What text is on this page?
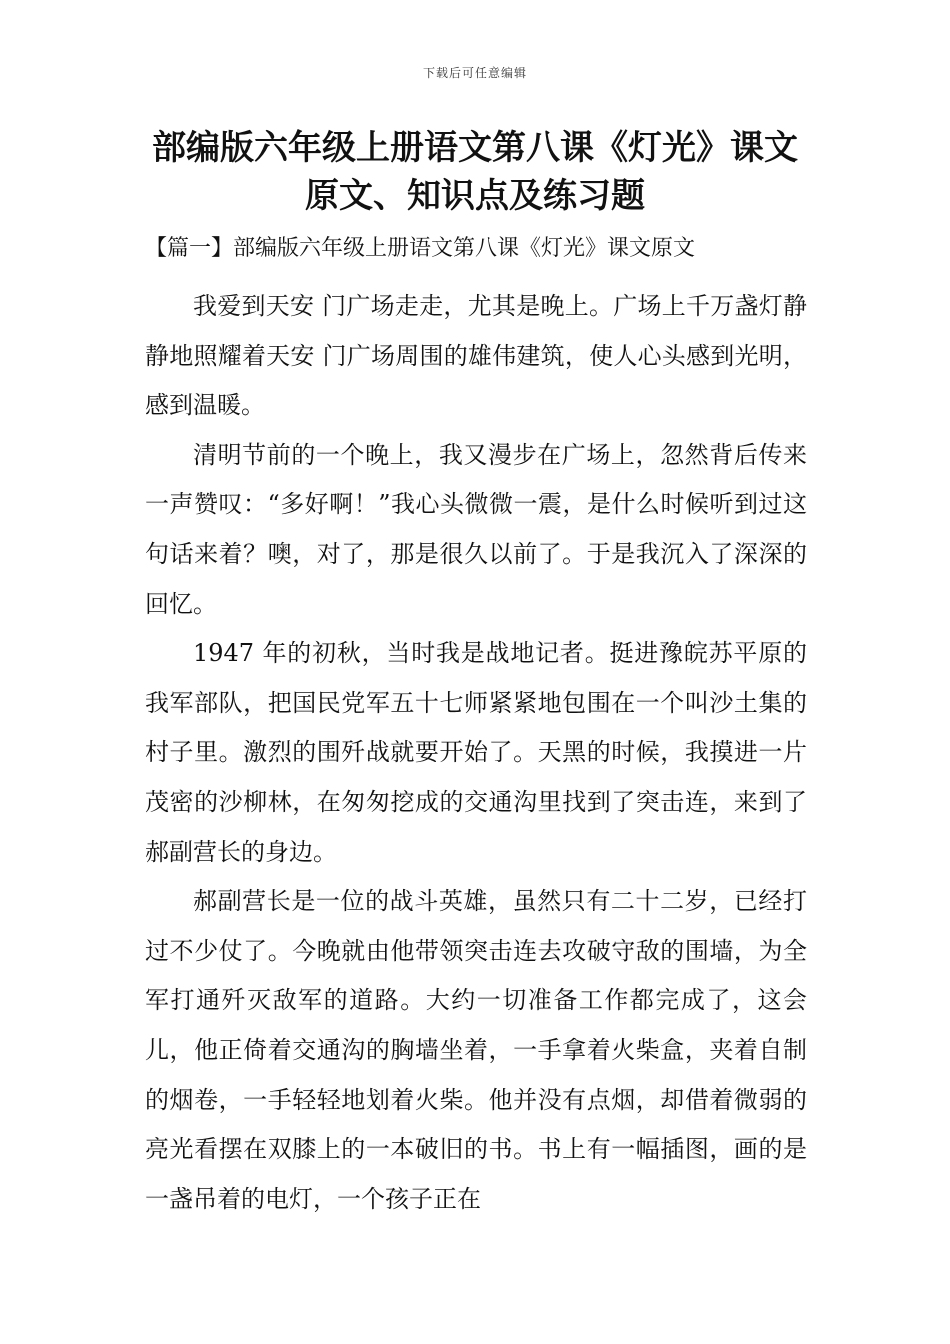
下载后可任意编辑
部编版六年级上册语文第八课《灯光》课文原文、知识点及练习题
【篇一】部编版六年级上册语文第八课《灯光》课文原文

我爱到天安 门广场走走，尤其是晚上。广场上千万盏灯静静地照耀着天安 门广场周围的雄伟建筑，使人心头感到光明，感到温暖。

清明节前的一个晚上，我又漫步在广场上，忽然背后传来一声赞叹：“多好啊！”我心头微微一震，是什么时候听到过这句话来着？噢，对了，那是很久以前了。于是我沉入了深深的回忆。

1947 年的初秋，当时我是战地记者。挺进豫皖苏平原的我军部队，把国民党军五十七师紧紧地包围在一个叫沙土集的村子里。激烈的围歼战就要开始了。天黑的时候，我摸进一片茂密的沙柳林，在匆匆挖成的交通沟里找到了突击连，来到了郝副营长的身边。

郝副营长是一位的战斗英雄，虽然只有二十二岁，已经打过不少仗了。今晚就由他带领突击连去攻破守敌的围墙，为全军打通歼灭敌军的道路。大约一切准备工作都完成了，这会儿，他正倚着交通沟的胸墙坐着，一手拿着火柴盒，夹着自制的烟卷，一手轻轻地划着火柴。他并没有点烟，却借着微弱的亮光看摆在双膝上的一本破旧的书。书上有一幅插图，画的是一盏吊着的电灯，一个孩子正在
